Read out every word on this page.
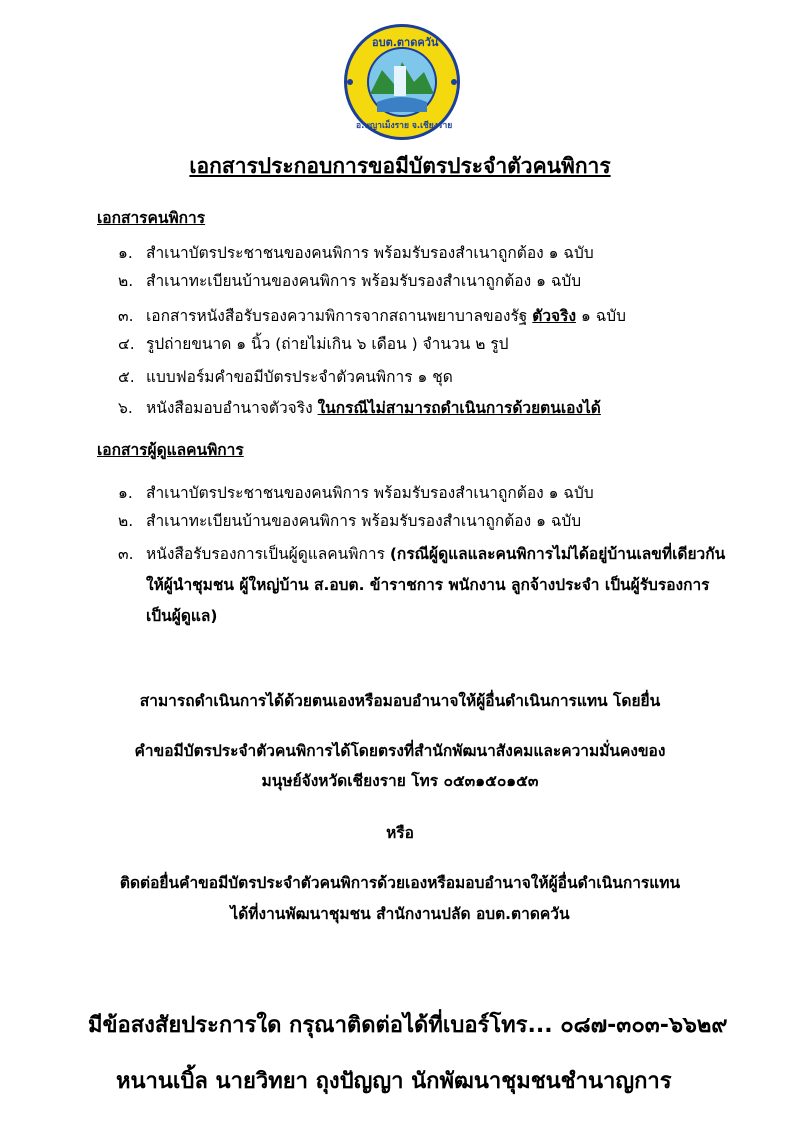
อบต.ตาดควัน
อ.พญาเม็งราย จ.เชียงราย
เอกสารประกอบการขอมีบัตรประจำตัวคนพิการ
เอกสารคนพิการ
๑. สำเนาบัตรประชาชนของคนพิการ พร้อมรับรองสำเนาถูกต้อง ๑ ฉบับ
๒. สำเนาทะเบียนบ้านของคนพิการ พร้อมรับรองสำเนาถูกต้อง ๑ ฉบับ
๓. เอกสารหนังสือรับรองความพิการจากสถานพยาบาลของรัฐ ตัวจริง ๑ ฉบับ
๔. รูปถ่ายขนาด ๑ นิ้ว (ถ่ายไม่เกิน ๖ เดือน ) จำนวน ๒ รูป
๕. แบบฟอร์มคำขอมีบัตรประจำตัวคนพิการ ๑ ชุด
๖. หนังสือมอบอำนาจตัวจริง ในกรณีไม่สามารถดำเนินการด้วยตนเองได้
เอกสารผู้ดูแลคนพิการ
๑. สำเนาบัตรประชาชนของคนพิการ พร้อมรับรองสำเนาถูกต้อง ๑ ฉบับ
๒. สำเนาทะเบียนบ้านของคนพิการ พร้อมรับรองสำเนาถูกต้อง ๑ ฉบับ
๓. หนังสือรับรองการเป็นผู้ดูแลคนพิการ (กรณีผู้ดูแลและคนพิการไม่ได้อยู่บ้านเลขที่เดียวกัน
ให้ผู้นำชุมชน ผู้ใหญ่บ้าน ส.อบต. ข้าราชการ พนักงาน ลูกจ้างประจำ เป็นผู้รับรองการ
เป็นผู้ดูแล)
สามารถดำเนินการได้ด้วยตนเองหรือมอบอำนาจให้ผู้อื่นดำเนินการแทน โดยยื่น
คำขอมีบัตรประจำตัวคนพิการได้โดยตรงที่สำนักพัฒนาสังคมและความมั่นคงของ
มนุษย์จังหวัดเชียงราย โทร ๐๕๓๑๕๐๑๕๓
หรือ
ติดต่อยื่นคำขอมีบัตรประจำตัวคนพิการด้วยเองหรือมอบอำนาจให้ผู้อื่นดำเนินการแทน
ได้ที่งานพัฒนาชุมชน สำนักงานปลัด อบต.ตาดควัน
มีข้อสงสัยประการใด กรุณาติดต่อได้ที่เบอร์โทร... ๐๘๗-๓๐๓-๖๖๒๙
หนานเบิ้ล นายวิทยา ถุงปัญญา นักพัฒนาชุมชนชำนาญการ
